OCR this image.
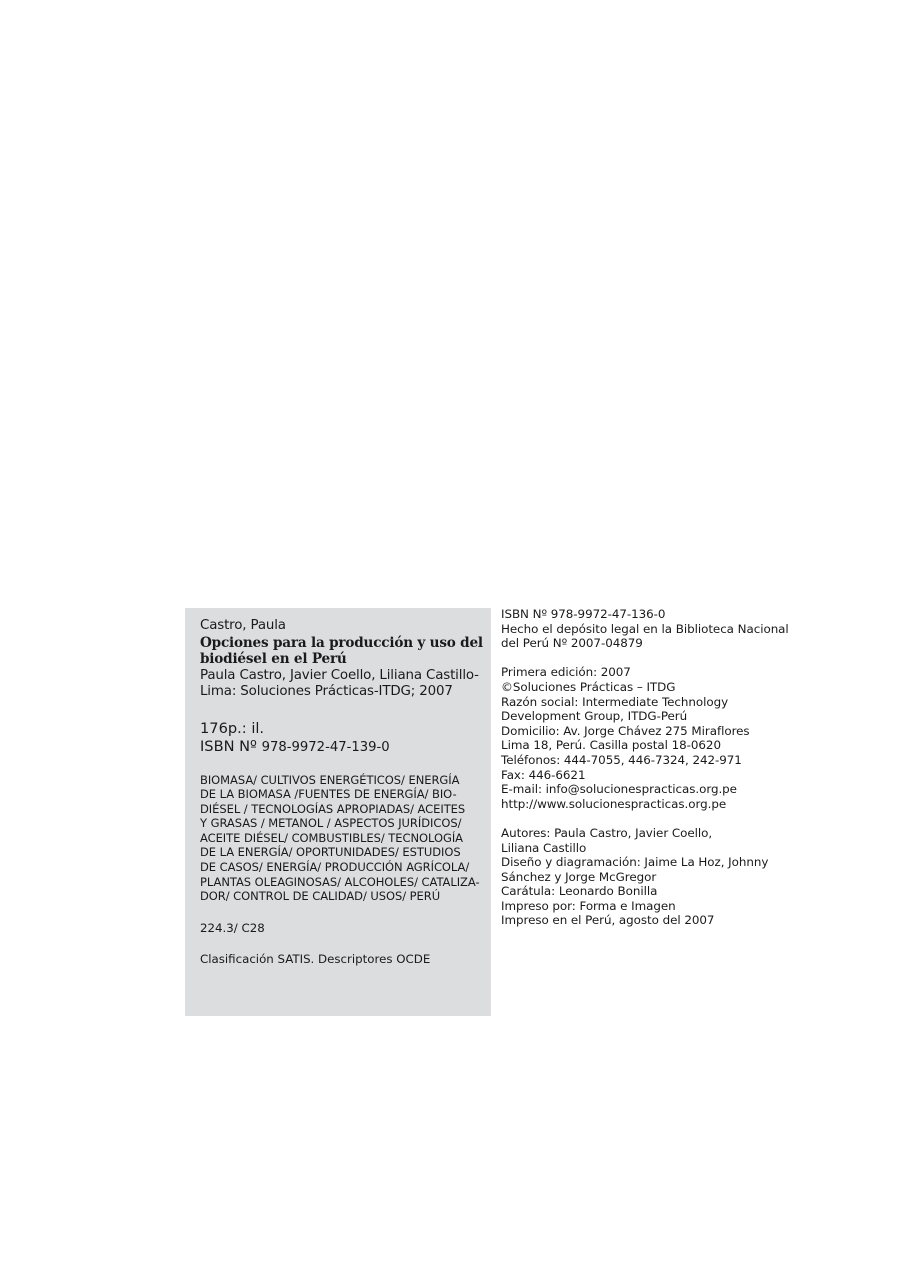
Castro, Paula
Opciones para la producción y uso del
biodiésel en el Perú
Paula Castro, Javier Coello, Liliana Castillo-
Lima: Soluciones Prácticas-ITDG; 2007
176p.: il.
ISBN Nº 978-9972-47-139-0
BIOMASA/ CULTIVOS ENERGÉTICOS/ ENERGÍA
DE LA BIOMASA /FUENTES DE ENERGÍA/ BIO-
DIÉSEL / TECNOLOGÍAS APROPIADAS/ ACEITES
Y GRASAS / METANOL / ASPECTOS JURÍDICOS/
ACEITE DIÉSEL/ COMBUSTIBLES/ TECNOLOGÍA
DE LA ENERGÍA/ OPORTUNIDADES/ ESTUDIOS
DE CASOS/ ENERGÍA/ PRODUCCIÓN AGRÍCOLA/
PLANTAS OLEAGINOSAS/ ALCOHOLES/ CATALIZA-
DOR/ CONTROL DE CALIDAD/ USOS/ PERÚ
224.3/ C28
Clasificación SATIS. Descriptores OCDE
ISBN Nº 978-9972-47-136-0
Hecho el depósito legal en la Biblioteca Nacional
del Perú Nº 2007-04879
Primera edición: 2007
©Soluciones Prácticas – ITDG
Razón social: Intermediate Technology
Development Group, ITDG-Perú
Domicilio: Av. Jorge Chávez 275 Miraflores
Lima 18, Perú. Casilla postal 18-0620
Teléfonos: 444-7055, 446-7324, 242-971
Fax: 446-6621
E-mail: info@solucionespracticas.org.pe
http://www.solucionespracticas.org.pe
Autores: Paula Castro, Javier Coello,
Liliana Castillo
Diseño y diagramación: Jaime La Hoz, Johnny
Sánchez y Jorge McGregor
Carátula: Leonardo Bonilla
Impreso por: Forma e Imagen
Impreso en el Perú, agosto del 2007
